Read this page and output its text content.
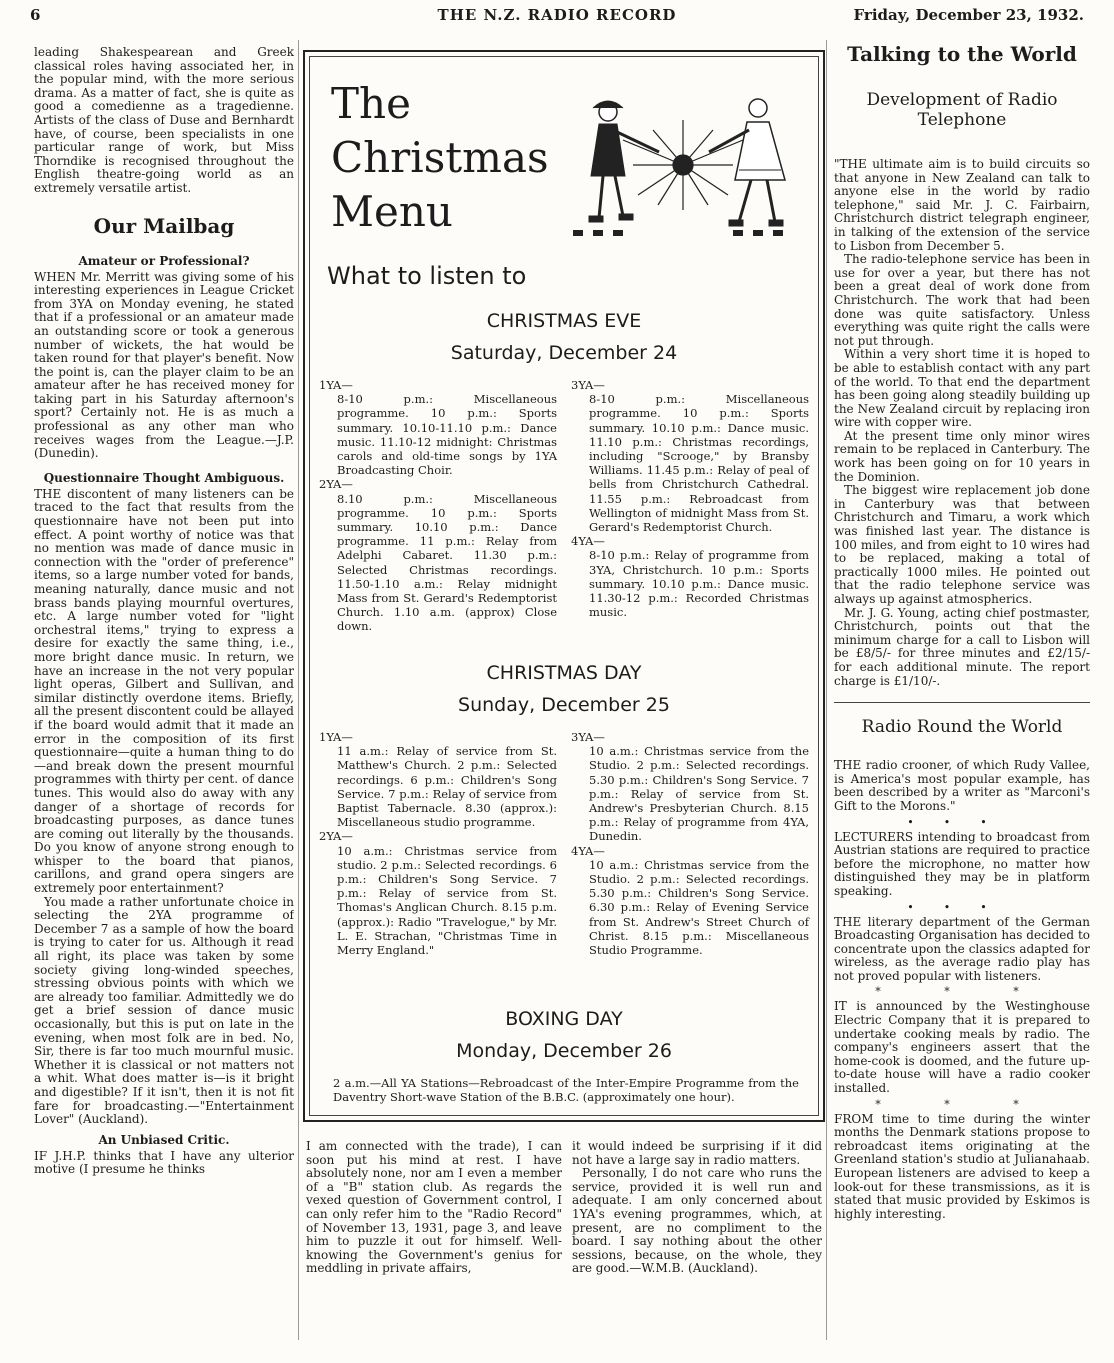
6	THE N.Z. RADIO RECORD	Friday, December 23, 1932.
leading Shakespearean and Greek classical roles having associated her, in the popular mind, with the more serious drama. As a matter of fact, she is quite as good a comedienne as a tragedienne. Artists of the class of Duse and Bernhardt have, of course, been specialists in one particular range of work, but Miss Thorndike is recognised throughout the English theatre-going world as an extremely versatile artist.
Our Mailbag
Amateur or Professional?
WHEN Mr. Merritt was giving some of his interesting experiences in League Cricket from 3YA on Monday evening, he stated that if a professional or an amateur made an outstanding score or took a generous number of wickets, the hat would be taken round for that player's benefit. Now the point is, can the player claim to be an amateur after he has received money for taking part in his Saturday afternoon's sport? Certainly not. He is as much a professional as any other man who receives wages from the League.—J.P. (Dunedin).
Questionnaire Thought Ambiguous.
THE discontent of many listeners can be traced to the fact that results from the questionnaire have not been put into effect. A point worthy of notice was that no mention was made of dance music in connection with the "order of preference" items, so a large number voted for bands, meaning naturally, dance music and not brass bands playing mournful overtures, etc. A large number voted for "light orchestral items," trying to express a desire for exactly the same thing, i.e., more bright dance music. In return, we have an increase in the not very popular light operas, Gilbert and Sullivan, and similar distinctly overdone items. Briefly, all the present discontent could be allayed if the board would admit that it made an error in the composition of its first questionnaire—quite a human thing to do—and break down the present mournful programmes with thirty per cent. of dance tunes. This would also do away with any danger of a shortage of records for broadcasting purposes, as dance tunes are coming out literally by the thousands. Do you know of anyone strong enough to whisper to the board that pianos, carillons, and grand opera singers are extremely poor entertainment?
You made a rather unfortunate choice in selecting the 2YA programme of December 7 as a sample of how the board is trying to cater for us. Although it read all right, its place was taken by some society giving long-winded speeches, stressing obvious points with which we are already too familiar. Admittedly we do get a brief session of dance music occasionally, but this is put on late in the evening, when most folk are in bed. No, Sir, there is far too much mournful music. Whether it is classical or not matters not a whit. What does matter is—is it bright and digestible? If it isn't, then it is not fit fare for broadcasting.—"Entertainment Lover" (Auckland).
An Unbiased Critic.
IF J.H.P. thinks that I have any ulterior motive (I presume he thinks
The
Christmas
Menu
What to listen to
CHRISTMAS EVE
Saturday, December 24
1YA—
8-10 p.m.: Miscellaneous programme. 10 p.m.: Sports summary. 10.10-11.10 p.m.: Dance music. 11.10-12 midnight: Christmas carols and old-time songs by 1YA Broadcasting Choir.
2YA—
8.10 p.m.: Miscellaneous programme. 10 p.m.: Sports summary. 10.10 p.m.: Dance programme. 11 p.m.: Relay from Adelphi Cabaret. 11.30 p.m.: Selected Christmas recordings. 11.50-1.10 a.m.: Relay midnight Mass from St. Gerard's Redemptorist Church. 1.10 a.m. (approx) Close down.
3YA—
8-10 p.m.: Miscellaneous programme. 10 p.m.: Sports summary. 10.10 p.m.: Dance music. 11.10 p.m.: Christmas recordings, including "Scrooge," by Bransby Williams. 11.45 p.m.: Relay of peal of bells from Christchurch Cathedral. 11.55 p.m.: Rebroadcast from Wellington of midnight Mass from St. Gerard's Redemptorist Church.
4YA—
8-10 p.m.: Relay of programme from 3YA, Christchurch. 10 p.m.: Sports summary. 10.10 p.m.: Dance music. 11.30-12 p.m.: Recorded Christmas music.
CHRISTMAS DAY
Sunday, December 25
1YA—
11 a.m.: Relay of service from St. Matthew's Church. 2 p.m.: Selected recordings. 6 p.m.: Children's Song Service. 7 p.m.: Relay of service from Baptist Tabernacle. 8.30 (approx.): Miscellaneous studio programme.
2YA—
10 a.m.: Christmas service from studio. 2 p.m.: Selected recordings. 6 p.m.: Children's Song Service. 7 p.m.: Relay of service from St. Thomas's Anglican Church. 8.15 p.m. (approx.): Radio "Travelogue," by Mr. L. E. Strachan, "Christmas Time in Merry England."
3YA—
10 a.m.: Christmas service from the Studio. 2 p.m.: Selected recordings. 5.30 p.m.: Children's Song Service. 7 p.m.: Relay of service from St. Andrew's Presbyterian Church. 8.15 p.m.: Relay of programme from 4YA, Dunedin.
4YA—
10 a.m.: Christmas service from the Studio. 2 p.m.: Selected recordings. 5.30 p.m.: Children's Song Service. 6.30 p.m.: Relay of Evening Service from St. Andrew's Street Church of Christ. 8.15 p.m.: Miscellaneous Studio Programme.
BOXING DAY
Monday, December 26
2 a.m.—All YA Stations—Rebroadcast of the Inter-Empire Programme from the Daventry Short-wave Station of the B.B.C. (approximately one hour).
I am connected with the trade), I can soon put his mind at rest. I have absolutely none, nor am I even a member of a "B" station club. As regards the vexed question of Government control, I can only refer him to the "Radio Record" of November 13, 1931, page 3, and leave him to puzzle it out for himself. Well-knowing the Government's genius for meddling in private affairs,
it would indeed be surprising if it did not have a large say in radio matters.
Personally, I do not care who runs the service, provided it is well run and adequate. I am only concerned about 1YA's evening programmes, which, at present, are no compliment to the board. I say nothing about the other sessions, because, on the whole, they are good.—W.M.B. (Auckland).
Talking to the World
Development of Radio Telephone
"THE ultimate aim is to build circuits so that anyone in New Zealand can talk to anyone else in the world by radio telephone," said Mr. J. C. Fairbairn, Christchurch district telegraph engineer, in talking of the extension of the service to Lisbon from December 5.
The radio-telephone service has been in use for over a year, but there has not been a great deal of work done from Christchurch. The work that had been done was quite satisfactory. Unless everything was quite right the calls were not put through.
Within a very short time it is hoped to be able to establish contact with any part of the world. To that end the department has been going along steadily building up the New Zealand circuit by replacing iron wire with copper wire.
At the present time only minor wires remain to be replaced in Canterbury. The work has been going on for 10 years in the Dominion.
The biggest wire replacement job done in Canterbury was that between Christchurch and Timaru, a work which was finished last year. The distance is 100 miles, and from eight to 10 wires had to be replaced, making a total of practically 1000 miles. He pointed out that the radio telephone service was always up against atmospherics.
Mr. J. G. Young, acting chief postmaster, Christchurch, points out that the minimum charge for a call to Lisbon will be £8/5/- for three minutes and £2/15/- for each additional minute. The report charge is £1/10/-.
Radio Round the World
THE radio crooner, of which Rudy Vallee, is America's most popular example, has been described by a writer as "Marconi's Gift to the Morons."
•••
LECTURERS intending to broadcast from Austrian stations are required to practice before the microphone, no matter how distinguished they may be in platform speaking.
•••
THE literary department of the German Broadcasting Organisation has decided to concentrate upon the classics adapted for wireless, as the average radio play has not proved popular with listeners.
* * *
IT is announced by the Westinghouse Electric Company that it is prepared to undertake cooking meals by radio. The company's engineers assert that the home-cook is doomed, and the future up-to-date house will have a radio cooker installed.
* * *
FROM time to time during the winter months the Denmark stations propose to rebroadcast items originating at the Greenland station's studio at Julianahaab. European listeners are advised to keep a look-out for these transmissions, as it is stated that music provided by Eskimos is highly interesting.
